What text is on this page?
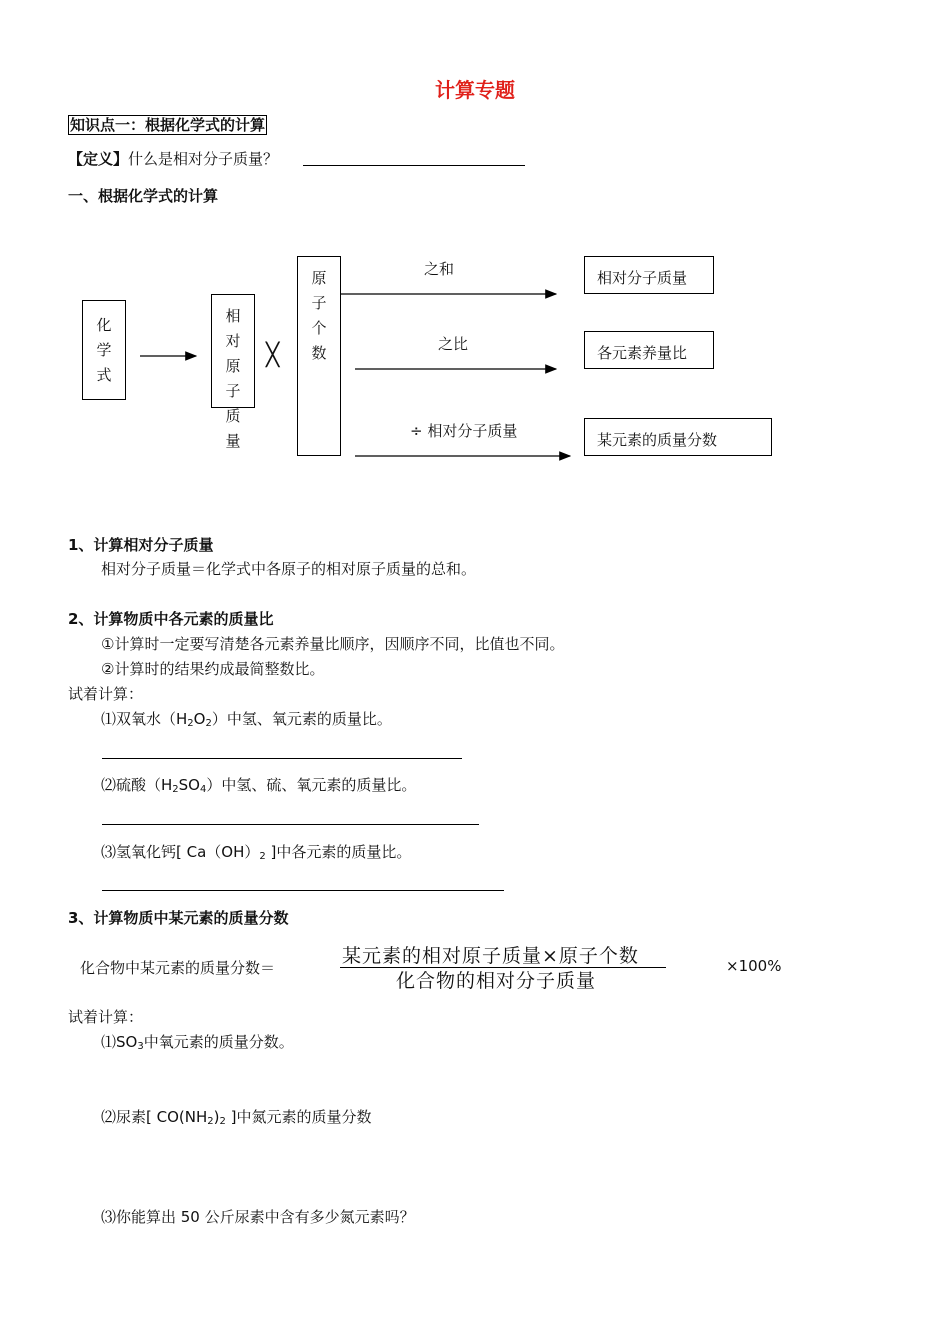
计算专题
知识点一：根据化学式的计算
【定义】什么是相对分子质量？
一、根据化学式的计算
化
学
式
相
对
原
子
质
量
╳
原
子
个
数
之和
之比
÷ 相对分子质量
相对分子质量
各元素养量比
某元素的质量分数
1、计算相对分子质量
相对分子质量＝化学式中各原子的相对原子质量的总和。
2、计算物质中各元素的质量比
①计算时一定要写清楚各元素养量比顺序，因顺序不同，比值也不同。
②计算时的结果约成最简整数比。
试着计算：
⑴双氧水$(H_2O_2)$中氢、氧元素的质量比。
⑵硫酸$(H_2SO_4)$中氢、硫、氧元素的质量比。
⑶氢氧化钙[ $Ca(OH)_2$ ]中各元素的质量比。
3、计算物质中某元素的质量分数
化合物中某元素的质量分数＝
某元素的相对原子质量×原子个数
化合物的相对分子质量
×100%
试着计算：
$⑴SO_3$中氧元素的质量分数。
⑵尿素[ $CO(NH_2)_2$ ]中氮元素的质量分数
⑶你能算出 50 公斤尿素中含有多少氮元素吗？
